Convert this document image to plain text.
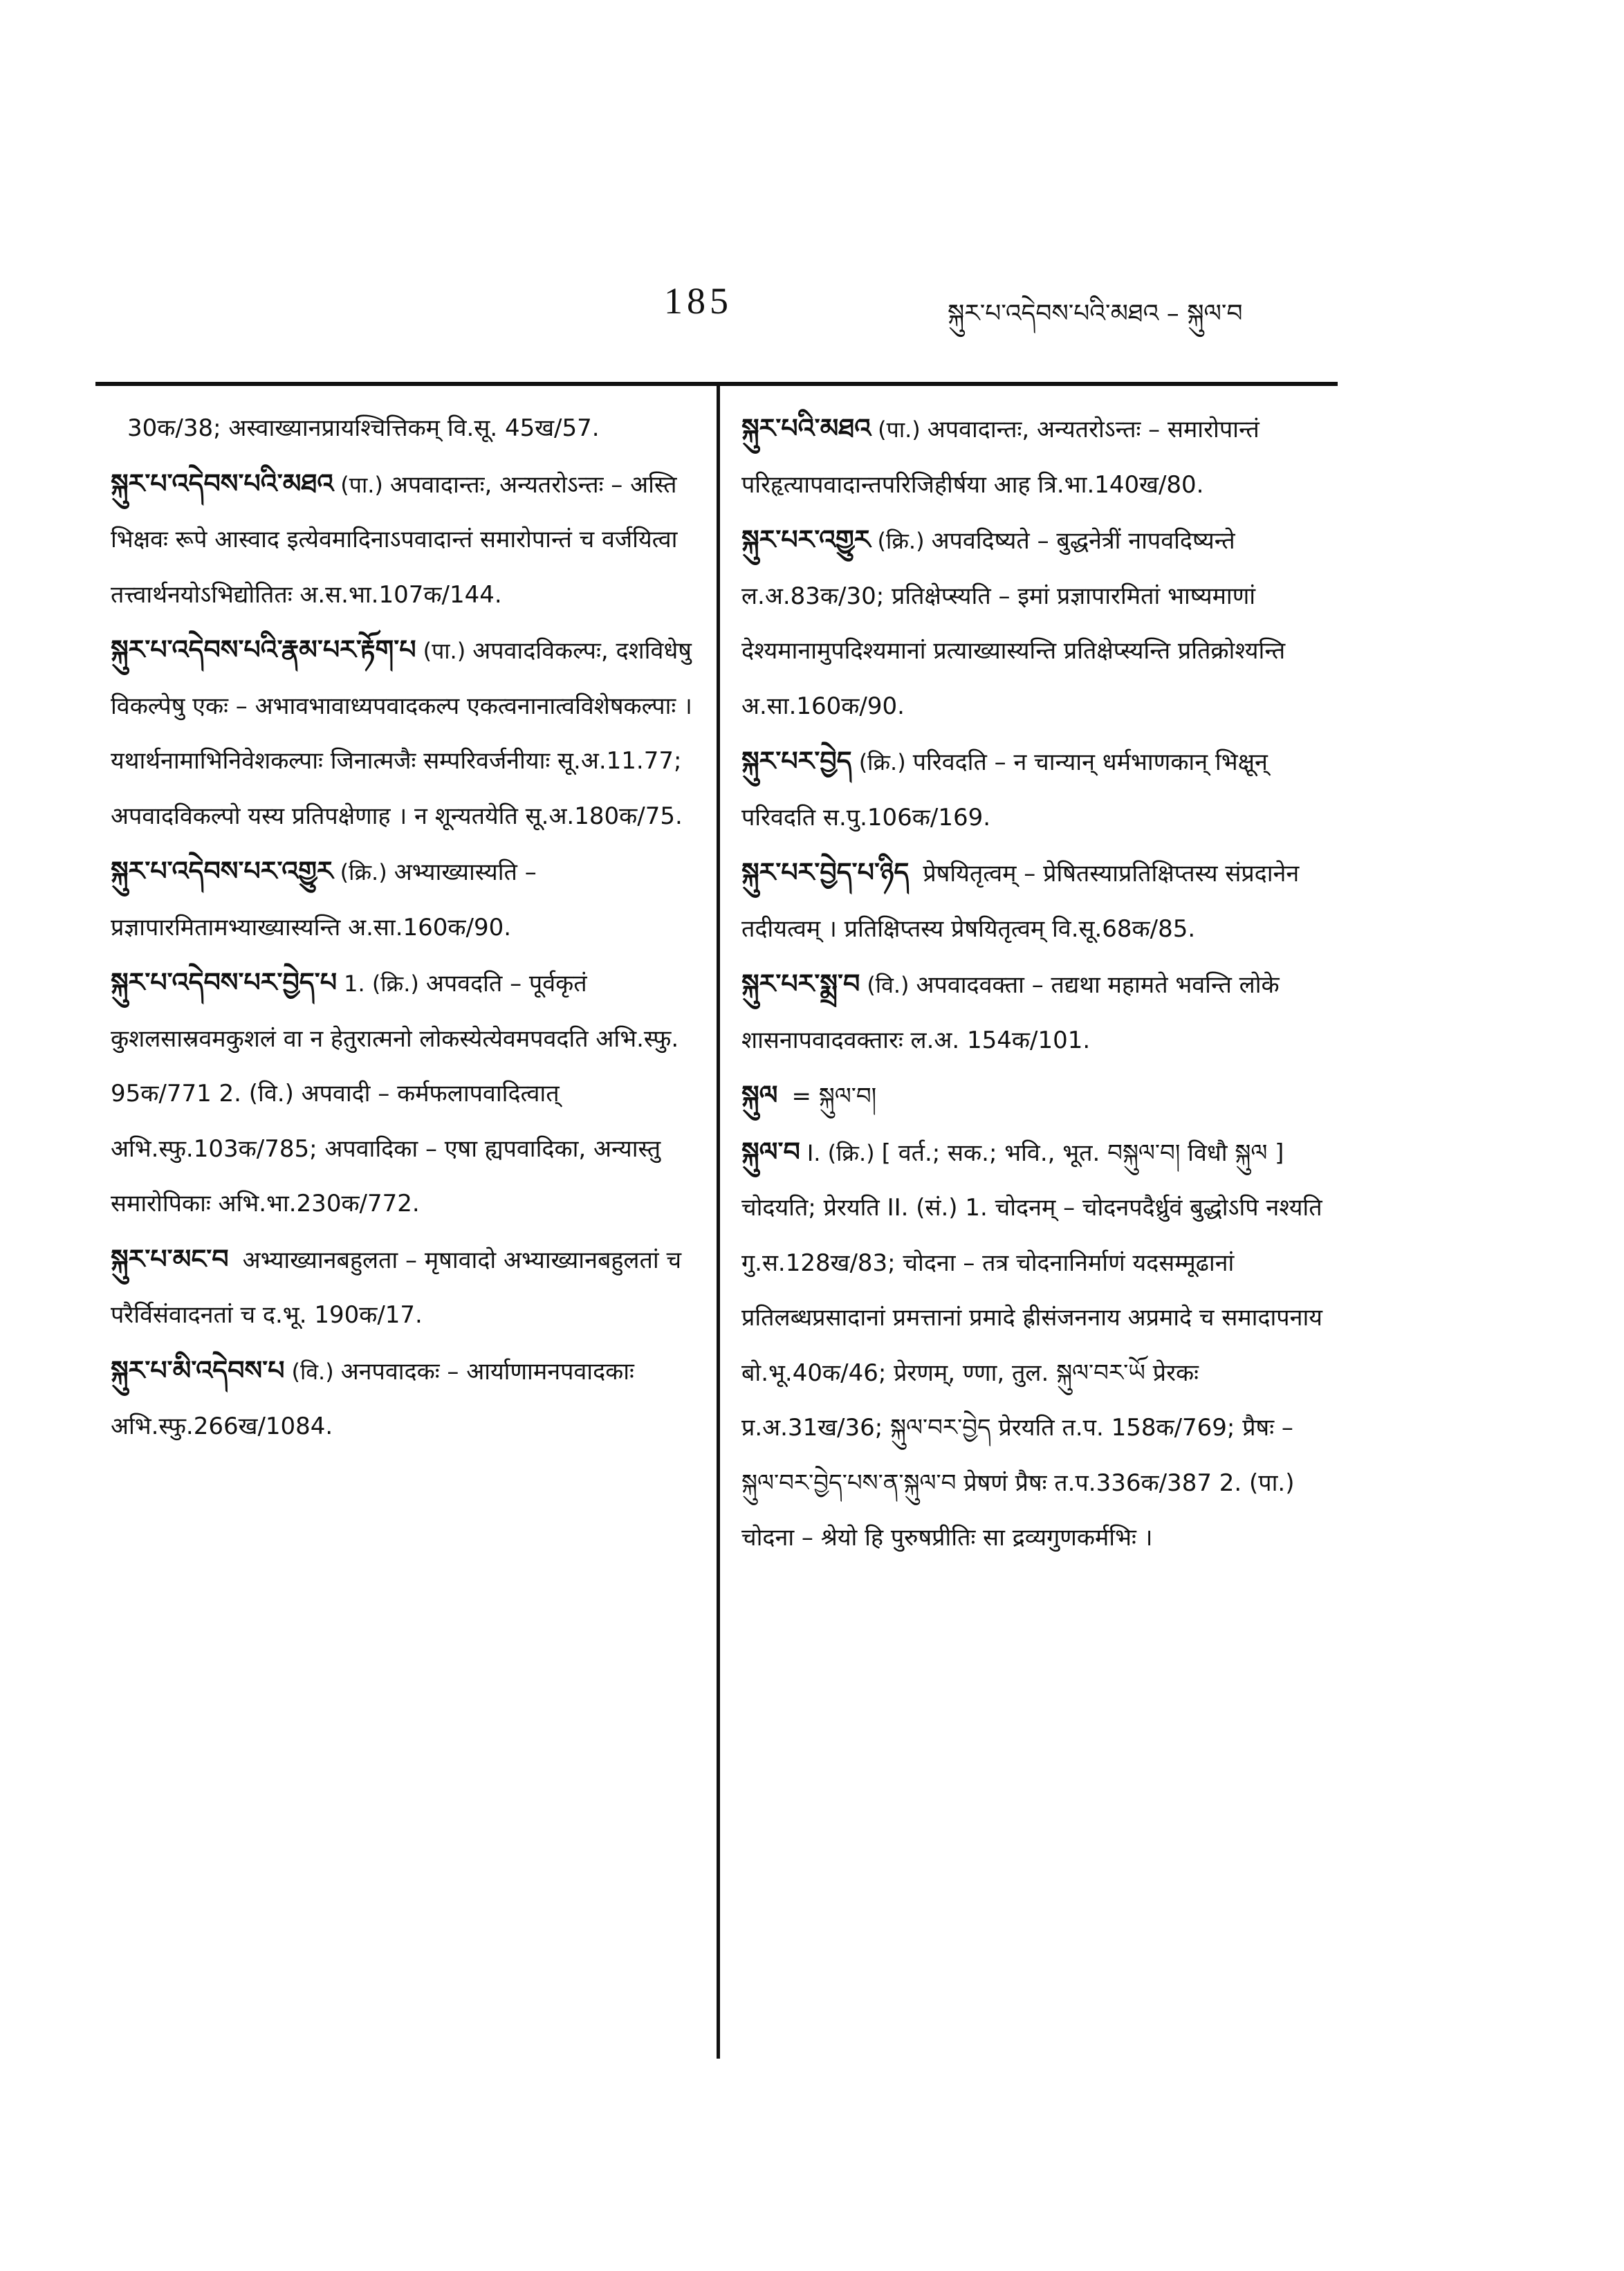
185	སྐུར་པ་འདེབས་པའི་མཐའ – སྐུལ་བ

30क/38; अस्वाख्यानप्रायश्चित्तिकम् वि.सू. 45ख/57.

སྐུར་པ་འདེབས་པའི་མཐའ (पा.) अपवादान्तः, अन्यतरोऽन्तः – अस्ति भिक्षवः रूपे आस्वाद इत्येवमादिनाऽपवादान्तं समारोपान्तं च वर्जयित्वा तत्त्वार्थनयोऽभिद्योतितः अ.स.भा.107क/144.

སྐུར་པ་འདེབས་པའི་རྣམ་པར་རྟོག་པ (पा.) अपवादविकल्पः, दशविधेषु विकल्पेषु एकः – अभावभावाध्यपवादकल्प एकत्वनानात्वविशेषकल्पाः । यथार्थनामाभिनिवेशकल्पाः जिनात्मजैः सम्परिवर्जनीयाः सू.अ.11.77; अपवादविकल्पो यस्य प्रतिपक्षेणाह । न शून्यतयेति सू.अ.180क/75.

སྐུར་པ་འདེབས་པར་འགྱུར (क्रि.) अभ्याख्यास्यति – प्रज्ञापारमितामभ्याख्यास्यन्ति अ.सा.160क/90.

སྐུར་པ་འདེབས་པར་བྱེད་པ 1. (क्रि.) अपवदति – पूर्वकृतं कुशलसास्रवमकुशलं वा न हेतुरात्मनो लोकस्येत्येवमपवदति अभि.स्फु. 95क/771 2. (वि.) अपवादी – कर्मफलापवादित्वात् अभि.स्फु.103क/785; अपवादिका – एषा ह्यपवादिका, अन्यास्तु समारोपिकाः अभि.भा.230क/772.

སྐུར་པ་མང་བ अभ्याख्यानबहुलता – मृषावादो अभ्याख्यानबहुलतां च परैर्विसंवादनतां च द.भू. 190क/17.

སྐུར་པ་མི་འདེབས་པ (वि.) अनपवादकः – आर्याणामनपवादकाः अभि.स्फु.266ख/1084.

སྐུར་པའི་མཐའ (पा.) अपवादान्तः, अन्यतरोऽन्तः – समारोपान्तं परिहृत्यापवादान्तपरिजिहीर्षया आह त्रि.भा.140ख/80.

སྐུར་པར་འགྱུར (क्रि.) अपवदिष्यते – बुद्धनेत्रीं नापवदिष्यन्ते ल.अ.83क/30; प्रतिक्षेप्स्यति – इमां प्रज्ञापारमितां भाष्यमाणां देश्यमानामुपदिश्यमानां प्रत्याख्यास्यन्ति प्रतिक्षेप्स्यन्ति प्रतिक्रोश्यन्ति अ.सा.160क/90.

སྐུར་པར་བྱེད (क्रि.) परिवदति – न चान्यान् धर्मभाणकान् भिक्षून् परिवदति स.पु.106क/169.

སྐུར་པར་བྱེད་པ་ཉིད प्रेषयितृत्वम् – प्रेषितस्याप्रतिक्षिप्तस्य संप्रदानेन तदीयत्वम् । प्रतिक्षिप्तस्य प्रेषयितृत्वम् वि.सू.68क/85.

སྐུར་པར་སྨྲ་བ (वि.) अपवादवक्ता – तद्यथा महामते भवन्ति लोके शासनापवादवक्तारः ल.अ. 154क/101.

སྐུལ = སྐུལ་བ།

སྐུལ་བ I. (क्रि.) [ वर्त.; सक.; भवि., भूत. བསྐུལ་བ། विधौ སྐུལ ] चोदयति; प्रेरयति II. (सं.) 1. चोदनम् – चोदनपदैर्ध्रुवं बुद्धोऽपि नश्यति गु.स.128ख/83; चोदना – तत्र चोदनानिर्माणं यदसम्मूढानां प्रतिलब्धप्रसादानां प्रमत्तानां प्रमादे ह्रीसंजननाय अप्रमादे च समादापनाय बो.भू.40क/46; प्रेरणम्, ण्णा, तुल. སྐུལ་བར་ཡོ प्रेरकः प्र.अ.31ख/36; སྐུལ་བར་བྱེད प्रेरयति त.प. 158क/769; प्रैषः – སྐུལ་བར་བྱེད་པས་ན་སྐུལ་བ प्रेषणं प्रैषः त.प.336क/387 2. (पा.) चोदना – श्रेयो हि पुरुषप्रीतिः सा द्रव्यगुणकर्मभिः ।
